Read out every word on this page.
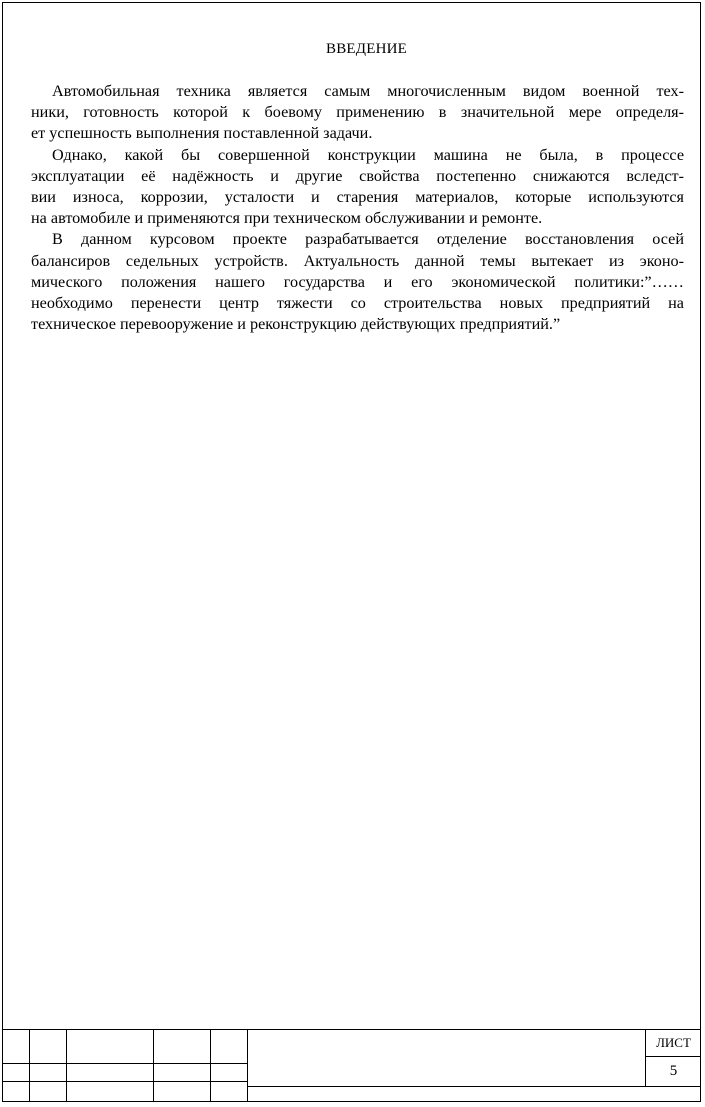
ВВЕДЕНИЕ
Автомобильная техника является самым многочисленным видом военной тех-
ники, готовность которой к боевому применению в значительной мере определя-
ет успешность выполнения поставленной задачи.
Однако, какой бы совершенной конструкции машина не была, в процессе
эксплуатации её надёжность и другие свойства постепенно снижаются вследст-
вии износа, коррозии, усталости и старения материалов, которые используются
на автомобиле и применяются при техническом обслуживании и ремонте.
В данном курсовом проекте разрабатывается отделение восстановления осей
балансиров седельных устройств. Актуальность данной темы вытекает из эконо-
мического положения нашего государства и его экономической политики:”……
необходимо перенести центр тяжести со строительства новых предприятий на
техническое перевооружение и реконструкцию действующих предприятий.”
ЛИСТ
5
